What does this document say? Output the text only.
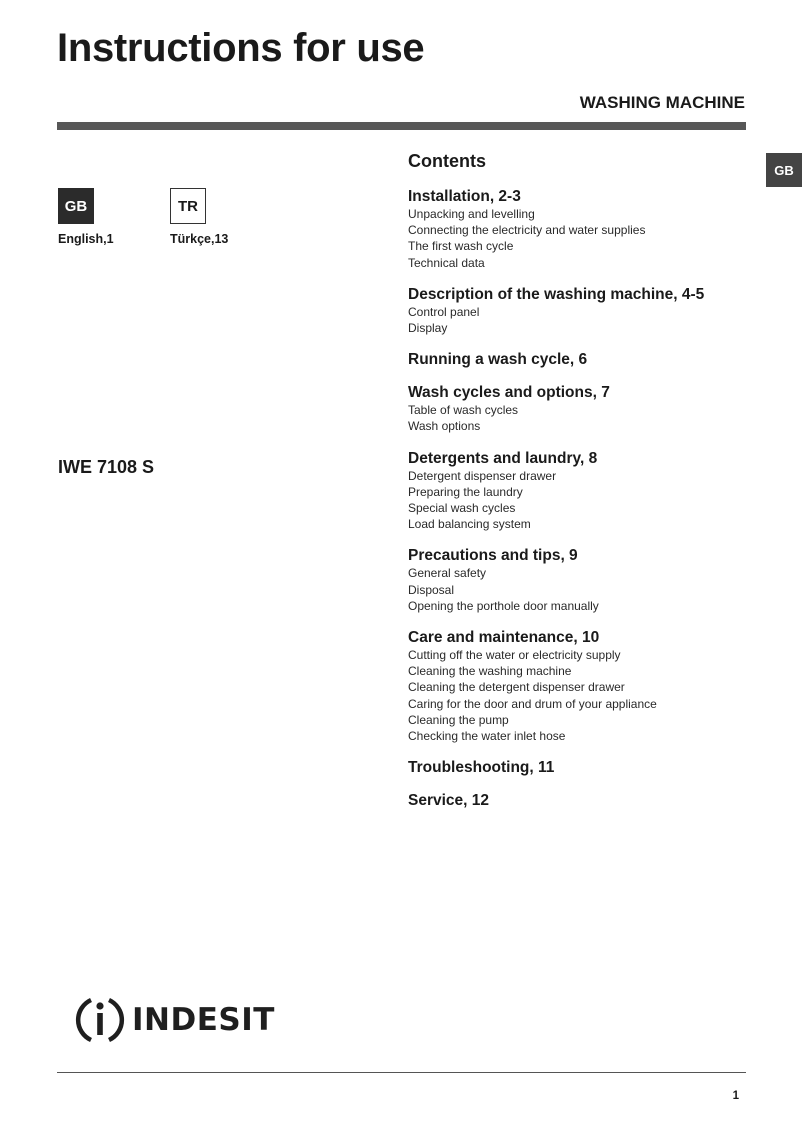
Instructions for use
WASHING MACHINE
GB
GB
English,1
TR
Türkçe,13
IWE 7108 S
Contents
Installation, 2-3
Unpacking and levelling
Connecting the electricity and water supplies
The first wash cycle
Technical data
Description of the washing machine, 4-5
Control panel
Display
Running a wash cycle, 6
Wash cycles and options, 7
Table of wash cycles
Wash options
Detergents and laundry, 8
Detergent dispenser drawer
Preparing the laundry
Special wash cycles
Load balancing system
Precautions and tips, 9
General safety
Disposal
Opening the porthole door manually
Care and maintenance, 10
Cutting off the water or electricity supply
Cleaning the washing machine
Cleaning the detergent dispenser drawer
Caring for the door and drum of your appliance
Cleaning the pump
Checking the water inlet hose
Troubleshooting, 11
Service, 12
INDESIT
1
